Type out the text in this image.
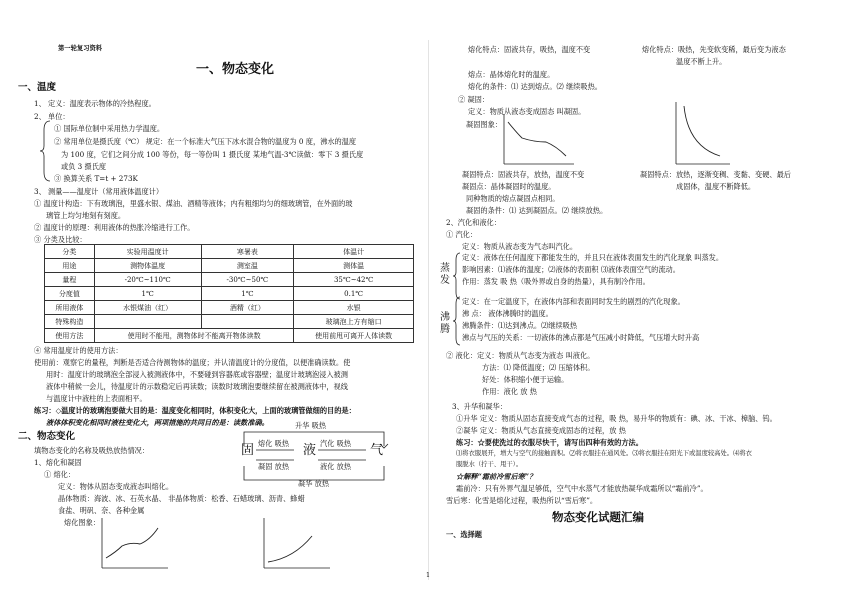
第一轮复习资料
一、物态变化
一、温度
1、 定义：温度表示物体的冷热程度。
2、 单位：
① 国际单位制中采用热力学温度。
② 常用单位是摄氏度（℃） 规定：在一个标准大气压下冰水混合物的温度为 0 度，沸水的温度
为 100 度，它们之间分成 100 等份，每一等份叫 1 摄氏度 某地气温-3℃读做：零下 3 摄氏度
或负 3 摄氏度
③ 换算关系 T=t + 273K
3、 测量——温度计（常用液体温度计）
① 温度计构造：下有玻璃泡，里盛水银、煤油、酒精等液体；内有粗细均匀的细玻璃管，在外面的玻
璃管上均匀地刻有刻度。
② 温度计的原理：利用液体的热胀冷缩进行工作。
③ 分类及比较：
分类	实验用温度计	寒暑表	体温计
用途	测物体温度	测室温	测体温
量程	-20℃~110℃	-30℃~50℃	35℃~42℃
分度值	1℃	1℃	0.1℃
所用液体	水银煤油（红）	酒精（红）	水银
特殊构造			玻璃泡上方有缩口
使用方法	使用时不能甩，测物体时不能离开物体读数		使用前甩可离开人体读数
④ 常用温度计的使用方法：
使用前：观察它的量程，判断是否适合待测物体的温度；并认清温度计的分度值，以便准确读数。使
用时：温度计的玻璃泡全部浸入被测液体中，不要碰到容器底或容器壁；温度计玻璃泡浸入被测
液体中稍候一会儿，待温度计的示数稳定后再读数；读数时玻璃泡要继续留在被测液体中，视线
与温度计中液柱的上表面相平。
练习：◇温度计的玻璃泡要做大目的是：温度变化相同时，体积变化大，上面的玻璃管做细的目的是：
液体体积变化相同时液柱变化大，两项措施的共同目的是：读数准确。
二、物态变化
填物态变化的名称及吸热放热情况：
1、熔化和凝固
① 熔化：
定义：物体从固态变成液态叫熔化。
晶体物质：海波、冰、石英水晶、 非晶体物质：松香、石蜡玻璃、沥青、蜂蜡
食盐、明矾、奈、各种金属
熔化图象：
升华 吸热
固	液	气
熔化 吸热
凝固 放热
汽化 吸热
液化 放热
凝华 放热
熔化特点：固液共存，吸热，温度不变	熔化特点：吸热，先变软变稀，最后变为液态
温度不断上升。
熔点：晶体熔化时的温度。
熔化的条件：⑴ 达到熔点。⑵ 继续吸热。
② 凝固：
定义：物质从液态变成固态 叫凝固。
凝固图象：
凝固特点：固液共存，放热，温度不变	凝固特点：放热，逐渐变稠、变黏、变硬、最后
成固体，温度不断降低。
凝固点：晶体凝固时的温度。
同种物质的熔点凝固点相同。
凝固的条件：⑴ 达到凝固点。⑵ 继续放热。
2、汽化和液化：
① 汽化：
定义：物质从液态变为气态叫汽化。
蒸发
定义：液体在任何温度下都能发生的，并且只在液体表面发生的汽化现象 叫蒸发。
影响因素：⑴液体的温度；⑵液体的表面积 ⑶液体表面空气的流动。
作用：蒸发 吸 热（吸外界或自身的热量），具有制冷作用。
沸腾
定义：在一定温度下，在液体内部和表面同时发生的剧烈的汽化现象。
沸 点： 液体沸腾时的温度。
沸腾条件：⑴达到沸点。⑵继续吸热
沸点与气压的关系：一切液体的沸点都是气压减小时降低，气压增大时升高
② 液化：定义：物质从气态变为液态 叫液化。
方法：⑴ 降低温度；⑵ 压缩体积。
好处：体积缩小便于运输。
作用：液化 放 热
3、升华和凝华：
①升华 定义：物质从固态直接变成气态的过程，吸 热，易升华的物质有：碘、冰、干冰、樟脑、钨。
②凝华 定义：物质从气态直接变成固态的过程，放 热
练习：☆要使洗过的衣服尽快干，请写出四种有效的方法。
⑴将衣服展开，增大与空气的接触面积。⑵将衣服挂在通风处。⑶将衣服挂在阳光下或温度较高处。⑷将衣
服脱水（拧干、甩干）。
☆解释“霜前冷雪后寒”？
霜前冷：只有外界气温足够低，空气中水蒸气才能放热凝华成霜所以“霜前冷”。
雪后寒：化雪是熔化过程，吸热所以“雪后寒”。
物态变化试题汇编
一、选择题
1
